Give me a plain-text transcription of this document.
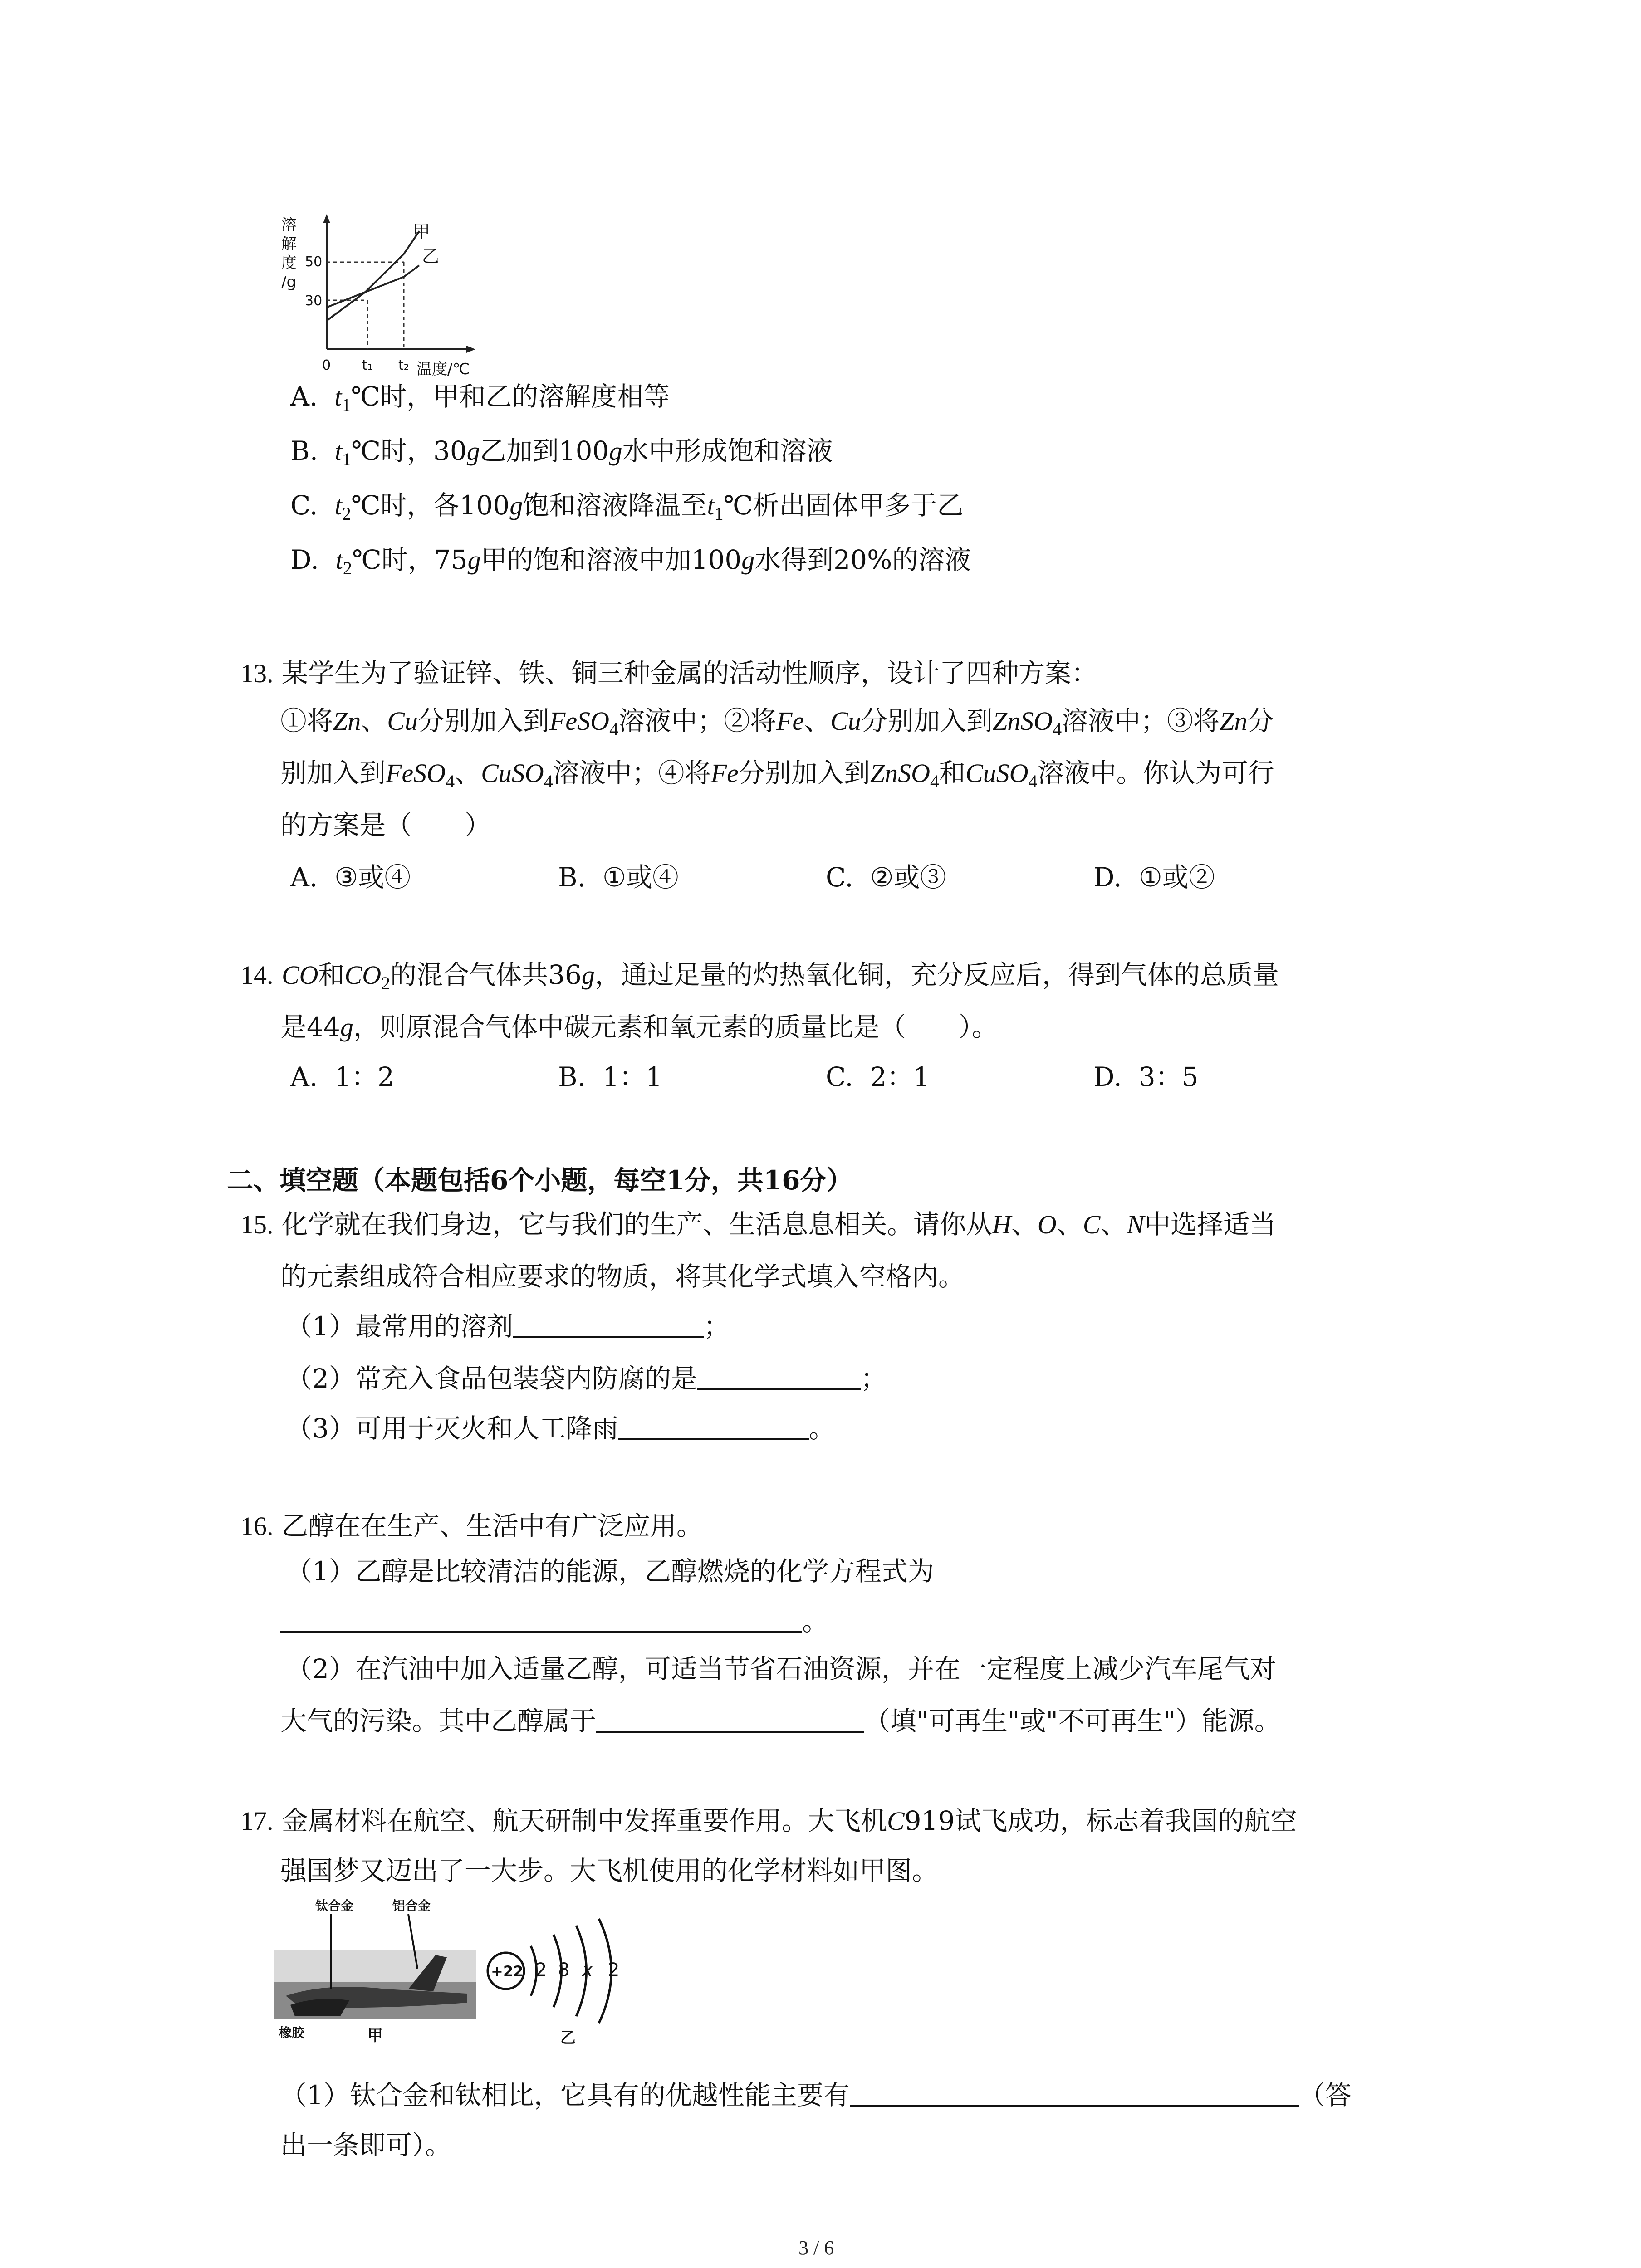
溶
解
度
/g
50
30
0 t₁ t₂ 温度/℃
甲
乙
A. $t_1℃$时，甲和乙的溶解度相等
B. $t_1℃$时，30g乙加到100g水中形成饱和溶液
C. $t_2℃$时，各100g饱和溶液降温至$t_1℃$析出固体甲多于乙
D. $t_2℃$时，75g甲的饱和溶液中加100g水得到20%的溶液
13. 某学生为了验证锌、铁、铜三种金属的活动性顺序，设计了四种方案：
①将Zn、Cu分别加入到FeSO$_4$溶液中；②将Fe、Cu分别加入到ZnSO$_4$溶液中；③将Zn分
别加入到FeSO$_4$、CuSO$_4$溶液中；④将Fe分别加入到ZnSO$_4$和CuSO$_4$溶液中。你认为可行
的方案是（　　）
A. ③或④	B. ①或④	C. ②或③	D. ①或②
14. CO和$CO_2$的混合气体共36g，通过足量的灼热氧化铜，充分反应后，得到气体的总质量
是44g，则原混合气体中碳元素和氧元素的质量比是（　　）。
A. 1：2	B. 1：1	C. 2：1	D. 3：5
二、填空题（本题包括6个小题，每空1分，共16分）
15. 化学就在我们身边，它与我们的生产、生活息息相关。请你从H、O、C、N中选择适当
的元素组成符合相应要求的物质，将其化学式填入空格内。
（1）最常用的溶剂	；
（2）常充入食品包装袋内防腐的是	；
（3）可用于灭火和人工降雨	。
16. 乙醇在在生产、生活中有广泛应用。
（1）乙醇是比较清洁的能源，乙醇燃烧的化学方程式为
。
（2）在汽油中加入适量乙醇，可适当节省石油资源，并在一定程度上减少汽车尾气对
大气的污染。其中乙醇属于	（填"可再生"或"不可再生"）能源。
17. 金属材料在航空、航天研制中发挥重要作用。大飞机C919试飞成功，标志着我国的航空
强国梦又迈出了一大步。大飞机使用的化学材料如甲图。
钛合金	铝合金
橡胶	甲	乙
+22 2 8 x 2
（1）钛合金和钛相比，它具有的优越性能主要有	（答
出一条即可）。
3 / 6
